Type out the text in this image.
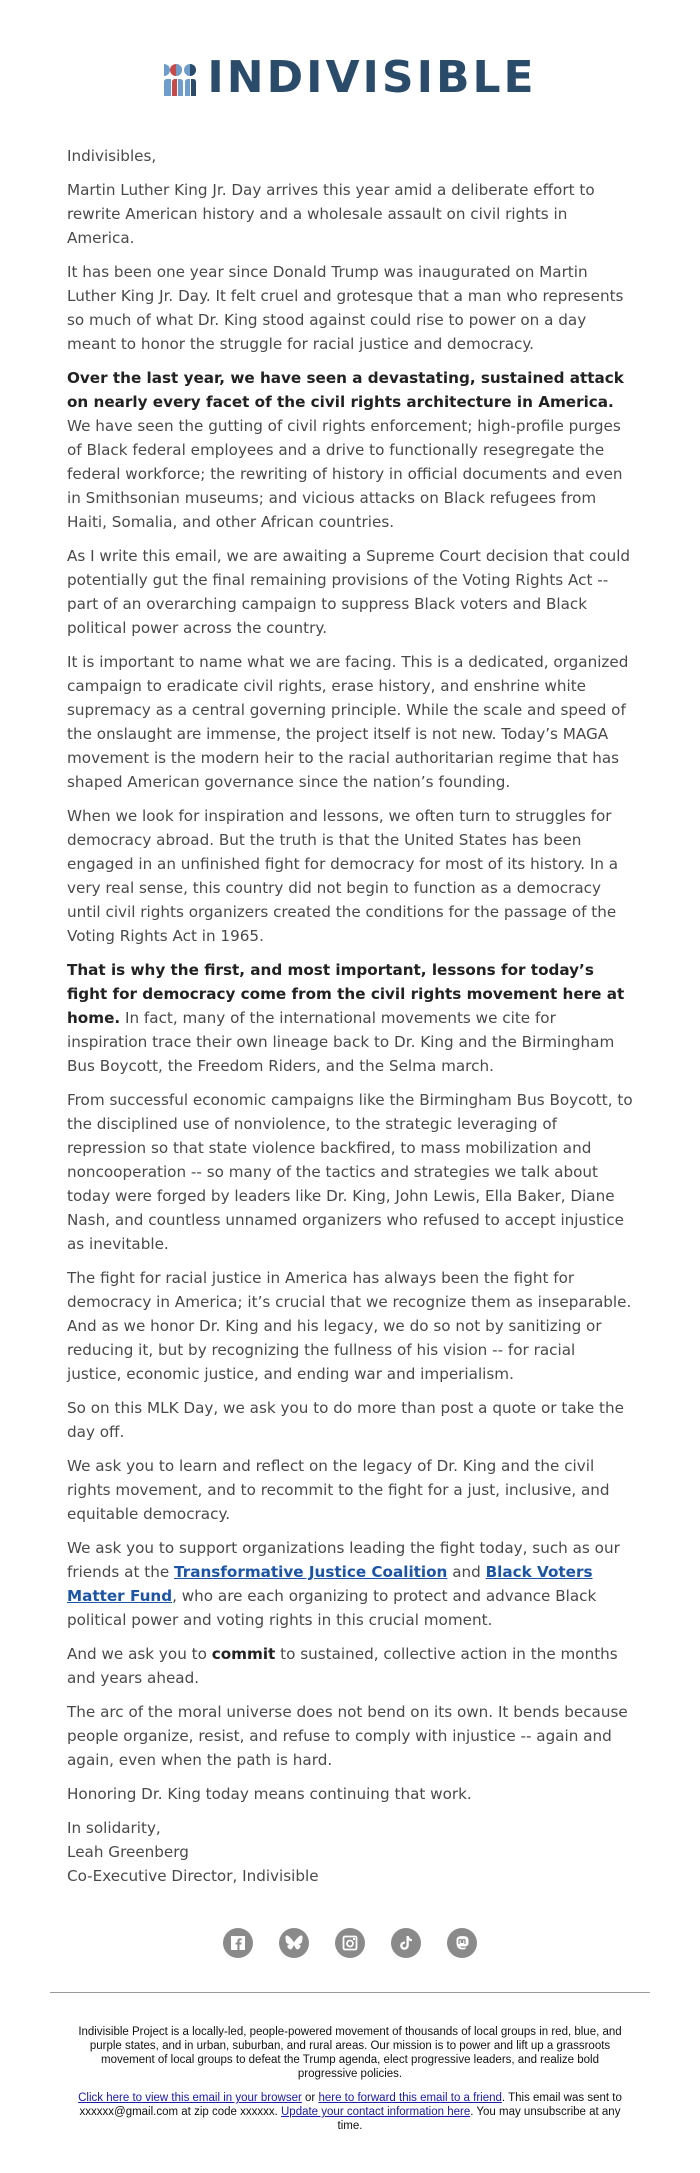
INDIVISIBLE

Indivisibles,

Martin Luther King Jr. Day arrives this year amid a deliberate effort to rewrite American history and a wholesale assault on civil rights in America.

It has been one year since Donald Trump was inaugurated on Martin Luther King Jr. Day. It felt cruel and grotesque that a man who represents so much of what Dr. King stood against could rise to power on a day meant to honor the struggle for racial justice and democracy.

Over the last year, we have seen a devastating, sustained attack on nearly every facet of the civil rights architecture in America. We have seen the gutting of civil rights enforcement; high-profile purges of Black federal employees and a drive to functionally resegregate the federal workforce; the rewriting of history in official documents and even in Smithsonian museums; and vicious attacks on Black refugees from Haiti, Somalia, and other African countries.

As I write this email, we are awaiting a Supreme Court decision that could potentially gut the final remaining provisions of the Voting Rights Act -- part of an overarching campaign to suppress Black voters and Black political power across the country.

It is important to name what we are facing. This is a dedicated, organized campaign to eradicate civil rights, erase history, and enshrine white supremacy as a central governing principle. While the scale and speed of the onslaught are immense, the project itself is not new. Today’s MAGA movement is the modern heir to the racial authoritarian regime that has shaped American governance since the nation’s founding.

When we look for inspiration and lessons, we often turn to struggles for democracy abroad. But the truth is that the United States has been engaged in an unfinished fight for democracy for most of its history. In a very real sense, this country did not begin to function as a democracy until civil rights organizers created the conditions for the passage of the Voting Rights Act in 1965.

That is why the first, and most important, lessons for today’s fight for democracy come from the civil rights movement here at home. In fact, many of the international movements we cite for inspiration trace their own lineage back to Dr. King and the Birmingham Bus Boycott, the Freedom Riders, and the Selma march.

From successful economic campaigns like the Birmingham Bus Boycott, to the disciplined use of nonviolence, to the strategic leveraging of repression so that state violence backfired, to mass mobilization and noncooperation -- so many of the tactics and strategies we talk about today were forged by leaders like Dr. King, John Lewis, Ella Baker, Diane Nash, and countless unnamed organizers who refused to accept injustice as inevitable.

The fight for racial justice in America has always been the fight for democracy in America; it’s crucial that we recognize them as inseparable. And as we honor Dr. King and his legacy, we do so not by sanitizing or reducing it, but by recognizing the fullness of his vision -- for racial justice, economic justice, and ending war and imperialism.

So on this MLK Day, we ask you to do more than post a quote or take the day off.

We ask you to learn and reflect on the legacy of Dr. King and the civil rights movement, and to recommit to the fight for a just, inclusive, and equitable democracy.

We ask you to support organizations leading the fight today, such as our friends at the Transformative Justice Coalition and Black Voters Matter Fund, who are each organizing to protect and advance Black political power and voting rights in this crucial moment.

And we ask you to commit to sustained, collective action in the months and years ahead.

The arc of the moral universe does not bend on its own. It bends because people organize, resist, and refuse to comply with injustice -- again and again, even when the path is hard.

Honoring Dr. King today means continuing that work.

In solidarity,

Leah Greenberg

Co-Executive Director, Indivisible

Indivisible Project is a locally-led, people-powered movement of thousands of local groups in red, blue, and purple states, and in urban, suburban, and rural areas. Our mission is to power and lift up a grassroots movement of local groups to defeat the Trump agenda, elect progressive leaders, and realize bold progressive policies.

Click here to view this email in your browser or here to forward this email to a friend. This email was sent to xxxxxx@gmail.com at zip code xxxxxx. Update your contact information here. You may unsubscribe at any time.
